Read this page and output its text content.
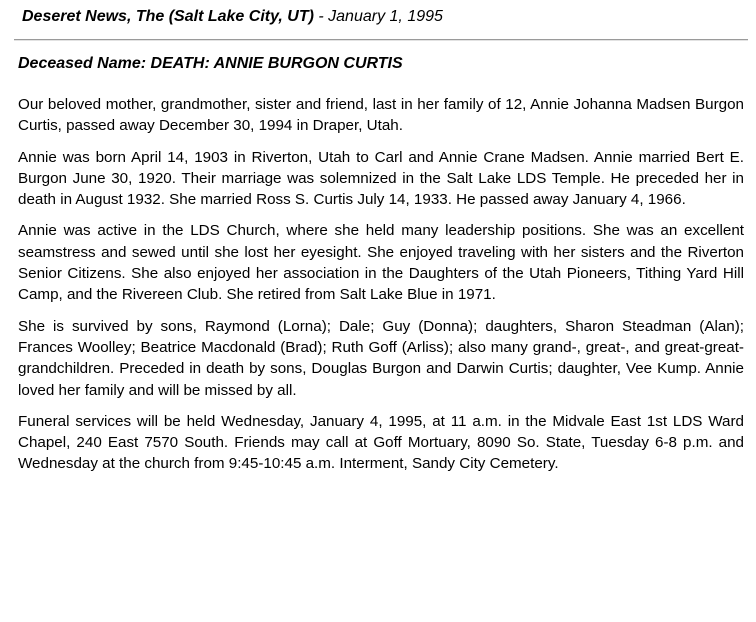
Deseret News, The (Salt Lake City, UT) - January 1, 1995
Deceased Name: DEATH: ANNIE BURGON CURTIS

Our beloved mother, grandmother, sister and friend, last in her family of 12, Annie Johanna Madsen Burgon Curtis, passed away December 30, 1994 in Draper, Utah.

Annie was born April 14, 1903 in Riverton, Utah to Carl and Annie Crane Madsen. Annie married Bert E. Burgon June 30, 1920. Their marriage was solemnized in the Salt Lake LDS Temple. He preceded her in death in August 1932. She married Ross S. Curtis July 14, 1933. He passed away January 4, 1966.

Annie was active in the LDS Church, where she held many leadership positions. She was an excellent seamstress and sewed until she lost her eyesight. She enjoyed traveling with her sisters and the Riverton Senior Citizens. She also enjoyed her association in the Daughters of the Utah Pioneers, Tithing Yard Hill Camp, and the Rivereen Club. She retired from Salt Lake Blue in 1971.

She is survived by sons, Raymond (Lorna); Dale; Guy (Donna); daughters, Sharon Steadman (Alan); Frances Woolley; Beatrice Macdonald (Brad); Ruth Goff (Arliss); also many grand-, great-, and great-great-grandchildren. Preceded in death by sons, Douglas Burgon and Darwin Curtis; daughter, Vee Kump. Annie loved her family and will be missed by all.

Funeral services will be held Wednesday, January 4, 1995, at 11 a.m. in the Midvale East 1st LDS Ward Chapel, 240 East 7570 South. Friends may call at Goff Mortuary, 8090 So. State, Tuesday 6-8 p.m. and Wednesday at the church from 9:45-10:45 a.m. Interment, Sandy City Cemetery.
